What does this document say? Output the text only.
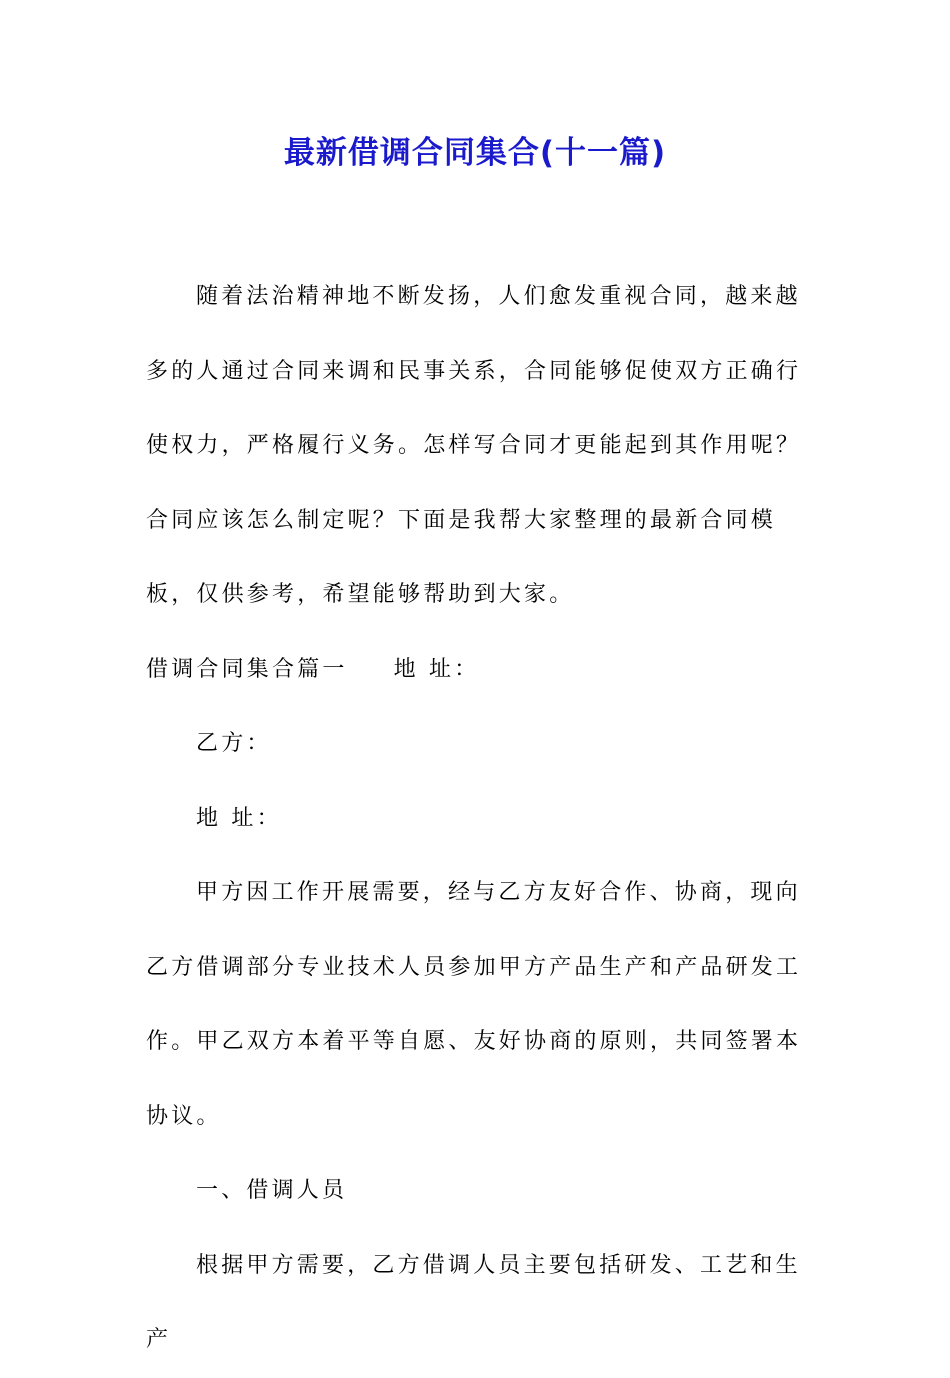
最新借调合同集合(十一篇)

随着法治精神地不断发扬，人们愈发重视合同，越来越多的人通过合同来调和民事关系，合同能够促使双方正确行使权力，严格履行义务。怎样写合同才更能起到其作用呢？合同应该怎么制定呢？下面是我帮大家整理的最新合同模板，仅供参考，希望能够帮助到大家。

借调合同集合篇一 地 址：

乙方：

地 址：

甲方因工作开展需要，经与乙方友好合作、协商，现向乙方借调部分专业技术人员参加甲方产品生产和产品研发工作。甲乙双方本着平等自愿、友好协商的原则，共同签署本协议。

一、借调人员

根据甲方需要，乙方借调人员主要包括研发、工艺和生产
